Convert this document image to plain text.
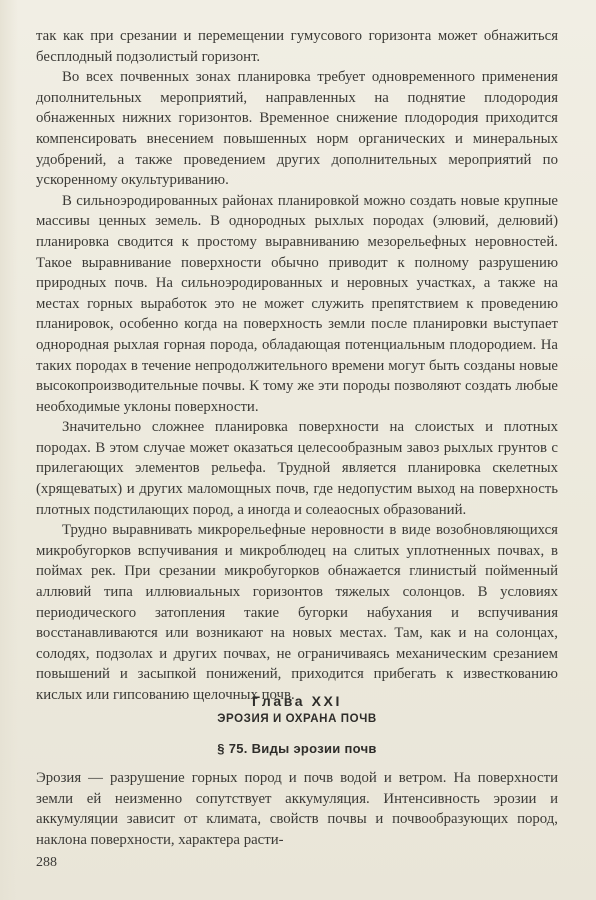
так как при срезании и перемещении гумусового горизонта может обнажиться бесплодный подзолистый горизонт.

Во всех почвенных зонах планировка требует одновременного применения дополнительных мероприятий, направленных на поднятие плодородия обнаженных нижних горизонтов. Временное снижение плодородия приходится компенсировать внесением повышенных норм органических и минеральных удобрений, а также проведением других дополнительных мероприятий по ускоренному окультуриванию.

В сильноэродированных районах планировкой можно создать новые крупные массивы ценных земель. В однородных рыхлых породах (элювий, делювий) планировка сводится к простому выравниванию мезорельефных неровностей. Такое выравнивание поверхности обычно приводит к полному разрушению природных почв. На сильноэродированных и неровных участках, а также на местах горных выработок это не может служить препятствием к проведению планировок, особенно когда на поверхность земли после планировки выступает однородная рыхлая горная порода, обладающая потенциальным плодородием. На таких породах в течение непродолжительного времени могут быть созданы новые высокопроизводительные почвы. К тому же эти породы позволяют создать любые необходимые уклоны поверхности.

Значительно сложнее планировка поверхности на слоистых и плотных породах. В этом случае может оказаться целесообразным завоз рыхлых грунтов с прилегающих элементов рельефа. Трудной является планировка скелетных (хрящеватых) и других маломощных почв, где недопустим выход на поверхность плотных подстилающих пород, а иногда и солеаосных образований.

Трудно выравнивать микрорельефные неровности в виде возобновляющихся микробугорков вспучивания и микроблюдец на слитых уплотненных почвах, в поймах рек. При срезании микробугорков обнажается глинистый пойменный аллювий типа иллювиальных горизонтов тяжелых солонцов. В условиях периодического затопления такие бугорки набухания и вспучивания восстанавливаются или возникают на новых местах. Там, как и на солонцах, солодях, подзолах и других почвах, не ограничиваясь механическим срезанием повышений и засыпкой понижений, приходится прибегать к известкованию кислых или гипсованию щелочных почв.

Глава XXI
ЭРОЗИЯ И ОХРАНА ПОЧВ
§ 75. Виды эрозии почв

Эрозия — разрушение горных пород и почв водой и ветром. На поверхности земли ей неизменно сопутствует аккумуляция. Интенсивность эрозии и аккумуляции зависит от климата, свойств почвы и почвообразующих пород, наклона поверхности, характера расти-

288
